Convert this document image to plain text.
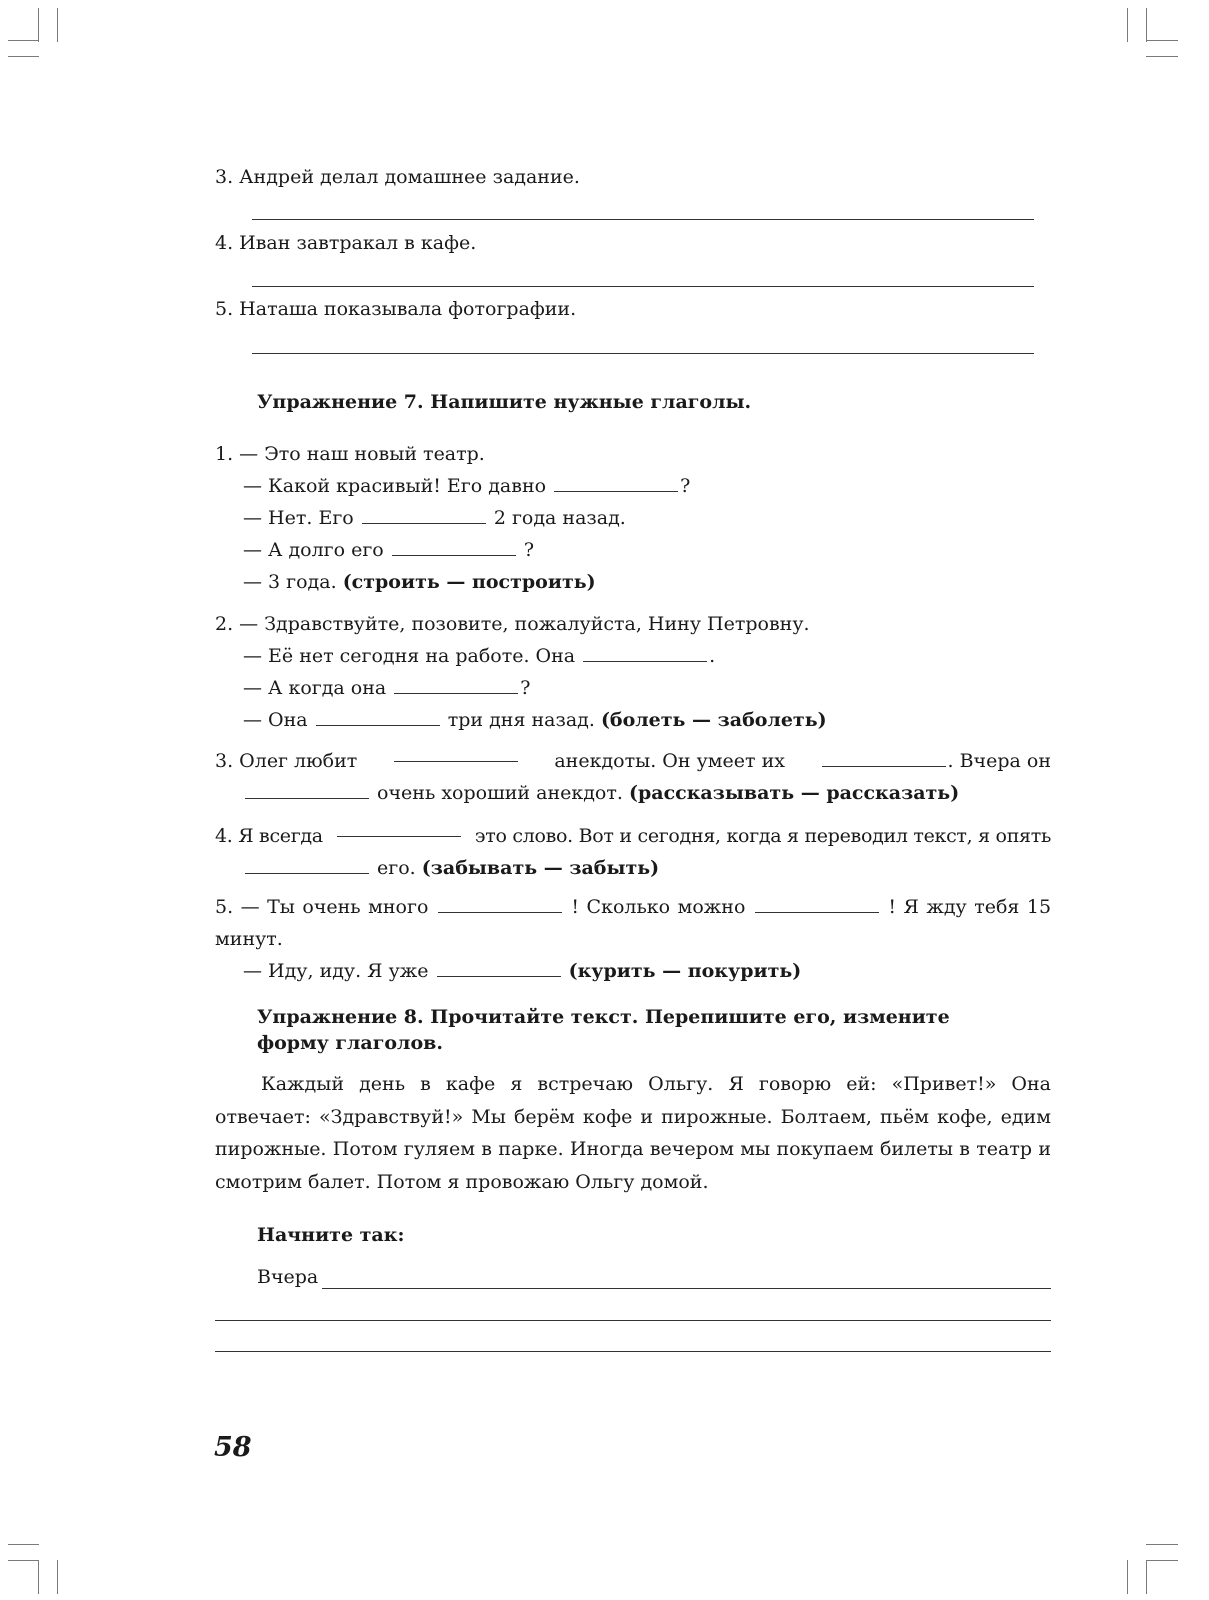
3. Андрей делал домашнее задание.
4. Иван завтракал в кафе.
5. Наташа показывала фотографии.
Упражнение 7. Напишите нужные глаголы.
1. — Это наш новый театр.
— Какой красивый! Его давно	?
— Нет. Его	2 года назад.
— А долго его	?
— 3 года. (строить — построить)
2. — Здравствуйте, позовите, пожалуйста, Нину Петровну.
— Её нет сегодня на работе. Она	.
— А когда она	?
— Она	три дня назад. (болеть — заболеть)
3. Олег любит	анекдоты. Он умеет их	. Вчера он
очень хороший анекдот. (рассказывать — рассказать)
4. Я всегда	это слово. Вот и сегодня, когда я переводил текст, я опять
его. (забывать — забыть)
5. — Ты очень много	! Сколько можно	! Я жду тебя 15 минут.
— Иду, иду. Я уже	(курить — покурить)
Упражнение 8. Прочитайте текст. Перепишите его, измените форму глаголов.
Каждый день в кафе я встречаю Ольгу. Я говорю ей: «Привет!» Она отвечает: «Здравствуй!» Мы берём кофе и пирожные. Болтаем, пьём кофе, едим пирожные. Потом гуляем в парке. Иногда вечером мы покупаем билеты в театр и смотрим балет. Потом я провожаю Ольгу домой.
Начните так:
Вчера
58
